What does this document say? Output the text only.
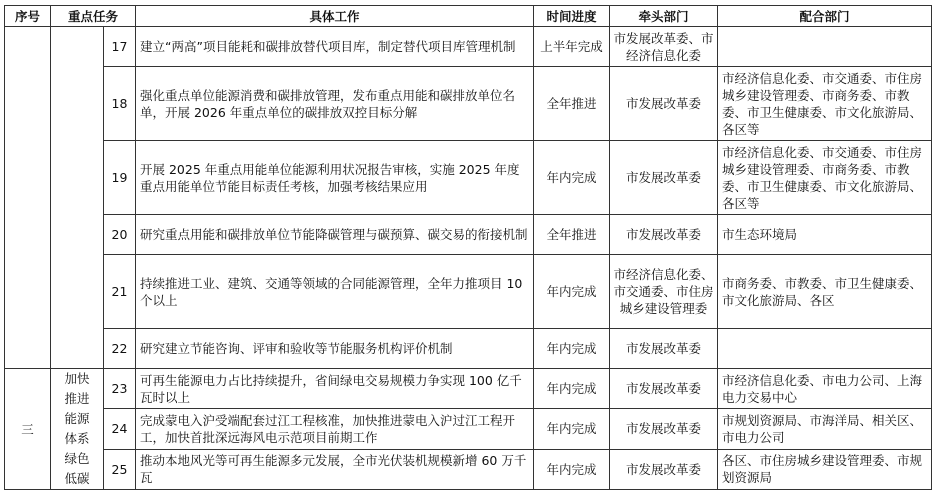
序号	重点任务		具体工作	时间进度	牵头部门	配合部门
		17	建立“两高”项目能耗和碳排放替代项目库，制定替代项目库管理机制	上半年完成	市发展改革委、市经济信息化委	
		18	强化重点单位能源消费和碳排放管理，发布重点用能和碳排放单位名单，开展 2026 年重点单位的碳排放双控目标分解	全年推进	市发展改革委	市经济信息化委、市交通委、市住房城乡建设管理委、市商务委、市教委、市卫生健康委、市文化旅游局、各区等
		19	开展 2025 年重点用能单位能源利用状况报告审核，实施 2025 年度重点用能单位节能目标责任考核，加强考核结果应用	年内完成	市发展改革委	市经济信息化委、市交通委、市住房城乡建设管理委、市商务委、市教委、市卫生健康委、市文化旅游局、各区等
		20	研究重点用能和碳排放单位节能降碳管理与碳预算、碳交易的衔接机制	全年推进	市发展改革委	市生态环境局
		21	持续推进工业、建筑、交通等领域的合同能源管理，全年力推项目 10 个以上	年内完成	市经济信息化委、市交通委、市住房城乡建设管理委	市商务委、市教委、市卫生健康委、市文化旅游局、各区
		22	研究建立节能咨询、评审和验收等节能服务机构评价机制	年内完成	市发展改革委	
三	加快推进能源体系绿色低碳	23	可再生能源电力占比持续提升，省间绿电交易规模力争实现 100 亿千瓦时以上	年内完成	市发展改革委	市经济信息化委、市电力公司、上海电力交易中心
		24	完成蒙电入沪受端配套过江工程核准，加快推进蒙电入沪过江工程开工，加快首批深远海风电示范项目前期工作	年内完成	市发展改革委	市规划资源局、市海洋局、相关区、市电力公司
		25	推动本地风光等可再生能源多元发展，全市光伏装机规模新增 60 万千瓦	年内完成	市发展改革委	各区、市住房城乡建设管理委、市规划资源局
